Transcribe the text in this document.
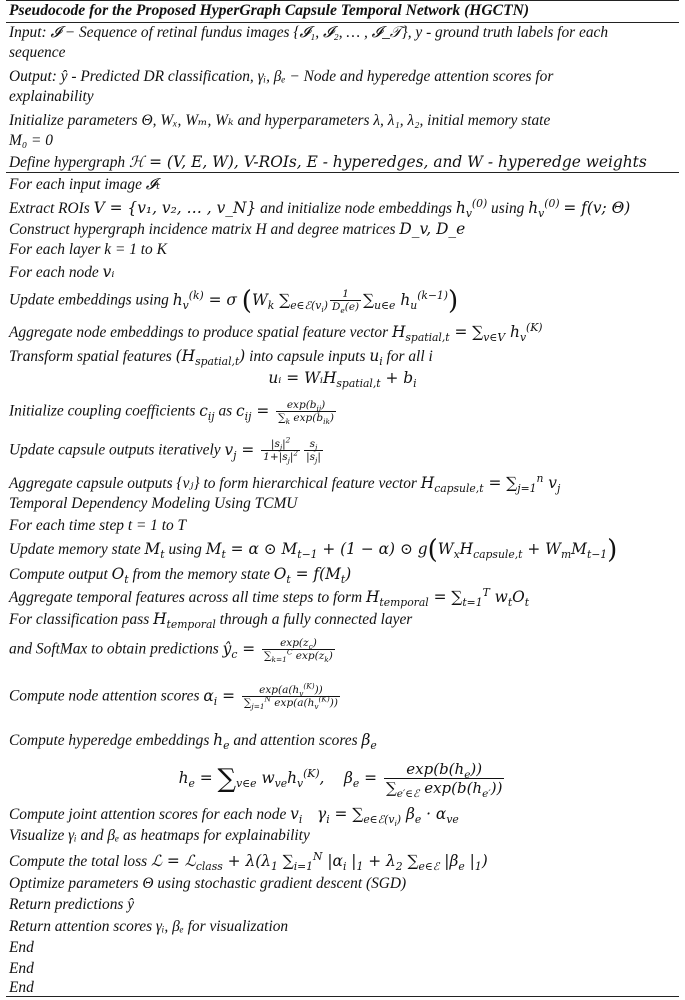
Pseudocode for the Proposed HyperGraph Capsule Temporal Network (HGCTN)
Input: 𝓘 − Sequence of retinal fundus images {𝓘₁, 𝓘₂, … , 𝓘_𝒯}, y - ground truth labels for each
sequence
Output: ŷ - Predicted DR classification, γᵢ, βₑ − Node and hyperedge attention scores for
explainability
Initialize parameters Θ, Wₓ, Wₘ, Wₖ and hyperparameters λ, λ₁, λ₂, initial memory state
M₀ = 0
Define hypergraph ℋ = (V, E, W), V-ROIs, E - hyperedges, and W - hyperedge weights
For each input image 𝓘ₜ
Extract ROIs V = {v₁, v₂, … , v_N} and initialize node embeddings $h_v^{(0)}$ using $h_v^{(0)} = f(v$; Θ)
Construct hypergraph incidence matrix H and degree matrices D_v, D_e
For each layer k = 1 to K
For each node vᵢ
Update embeddings using $h_v^{(k)} = \sigma$ ($W_k$ $\sum_{e\in ℰ(v_i)} \frac{1}{D_e(e)} \sum_{u\in e}$ $h_u^{(k-1)}$)
Aggregate node embeddings to produce spatial feature vector $H_{spatial,t} = \sum_{v\in V}$ $h_v^{(K)}$
Transform spatial features $(H_{spatial,t})$ into capsule inputs $u_i$ for all i
uᵢ = WᵢH$_{spatial,t}$ + $b_i$
Initialize coupling coefficients $c_{ij}$ as $c_{ij} = \frac{\exp(b_{ij})}{\sum_k \exp(b_{ik})}$
Update capsule outputs iteratively $v_j = \frac{|s_j|^2}{1+|s_j|^2} \frac{s_j}{|s_j|}$
Aggregate capsule outputs {vⱼ} to form hierarchical feature vector $H_{capsule,t} = \sum_{j=1}^n$ $v_j$
Temporal Dependency Modeling Using TCMU
For each time step t = 1 to T
Update memory state $M_t$ using $M_t = \alpha$ ⊙ $M_{t-1} + (1 - \alpha)$ ⊙ $g(W_xH_{capsule,t} + W_mM_{t-1})$
Compute output $O_t$ from the memory state $O_t = f(M_t)$
Aggregate temporal features across all time steps to form $H_{temporal} = \sum_{t=1}^T$ $w_tO_t$
For classification pass $H_{temporal}$ through a fully connected layer
and SoftMax to obtain predictions $ŷ_c = \frac{\exp(z_c)}{\sum_{k=1}^C \exp(z_k)}$
Compute node attention scores $\alpha_i = \frac{\exp(a(h_v^{(K)}))}{\sum_{j=1}^N \exp(a(h_v^{(K)}))}$
Compute hyperedge embeddings $h_e$ and attention scores $\beta_e$
$h_e = \sum_{v\in e}$ $w_{ve}h_v^{(K)}$,    $\beta_e = \frac{\exp(b(h_e))}{\sum_{e'\in ℰ} \exp(b(h_{e'}))}$
Compute joint attention scores for each node $v_i$   $\gamma_i = \sum_{e\in ℰ(v_i)}$ $\beta_e \cdot \alpha_{ve}$
Visualize γᵢ and βₑ as heatmaps for explainability
Compute the total loss ℒ = ℒ$_{class}$ + $\lambda(\lambda_1$ $\sum_{i=1}^N$ $|\alpha_i$ $|_1 + \lambda_2$ $\sum_{e\in ℰ}$ $|\beta_e$ $|_1$)
Optimize parameters Θ using stochastic gradient descent (SGD)
Return predictions ŷ
Return attention scores γᵢ, βₑ for visualization
End
End
End
